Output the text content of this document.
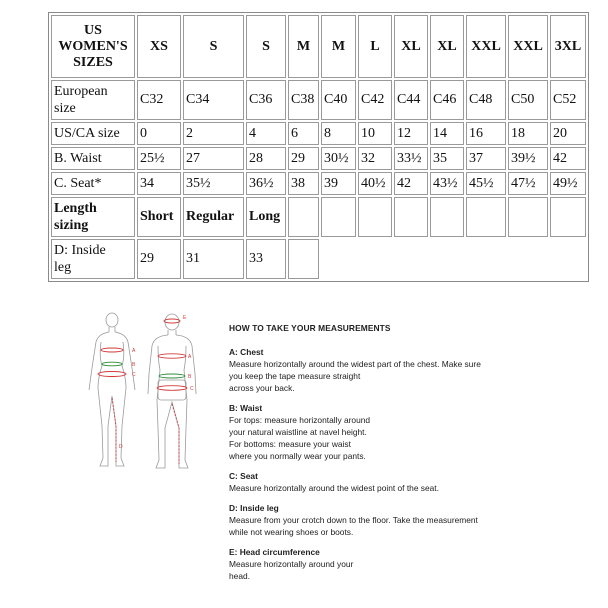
US
WOMEN'S
SIZES	XS	S	S	M	M	L	XL	XL	XXL	XXL	3XL
European
size	C32	C34	C36	C38	C40	C42	C44	C46	C48	C50	C52
US/CA size	0	2	4	6	8	10	12	14	16	18	20
B. Waist	25½	27	28	29	30½	32	33½	35	37	39½	42
C. Seat*	34	35½	36½	38	39	40½	42	43½	45½	47½	49½
Length
sizing	Short	Regular	Long								
D: Inside
leg	29	31	33								
A
B
C
D
E
A
B
C
HOW TO TAKE YOUR MEASUREMENTS
A: Chest
Measure horizontally around the widest part of the chest. Make sure
you keep the tape measure straight
across your back.
B: Waist
For tops: measure horizontally around
your natural waistline at navel height.
For bottoms: measure your waist
where you normally wear your pants.
C: Seat
Measure horizontally around the widest point of the seat.
D: Inside leg
Measure from your crotch down to the floor. Take the measurement
while not wearing shoes or boots.
E: Head circumference
Measure horizontally around your
head.
